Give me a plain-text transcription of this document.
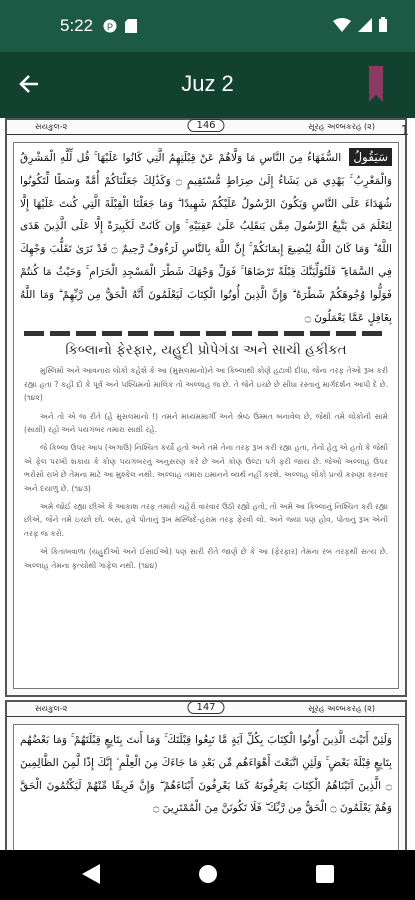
5:22 P
Juz 2
સયકુલ-૨	146	સૂરહ અલ્બકરહ (૨) 1
سَيَقُولُ السُّفَهَاءُ مِنَ النَّاسِ مَا وَلَّاهُمْ عَنْ قِبْلَتِهِمُ الَّتِي كَانُوا عَلَيْهَا ۚ قُل لِّلَّهِ الْمَشْرِقُ وَالْمَغْرِبُ ۚ يَهْدِي مَن يَشَاءُ إِلَىٰ صِرَاطٍ مُّسْتَقِيمٍ ۝ وَكَذَٰلِكَ جَعَلْنَاكُمْ أُمَّةً وَسَطًا لِّتَكُونُوا شُهَدَاءَ عَلَى النَّاسِ وَيَكُونَ الرَّسُولُ عَلَيْكُمْ شَهِيدًا ۗ وَمَا جَعَلْنَا الْقِبْلَةَ الَّتِي كُنتَ عَلَيْهَا إِلَّا لِنَعْلَمَ مَن يَتَّبِعُ الرَّسُولَ مِمَّن يَنقَلِبُ عَلَىٰ عَقِبَيْهِ ۚ وَإِن كَانَتْ لَكَبِيرَةً إِلَّا عَلَى الَّذِينَ هَدَى اللَّهُ ۗ وَمَا كَانَ اللَّهُ لِيُضِيعَ إِيمَانَكُمْ ۚ إِنَّ اللَّهَ بِالنَّاسِ لَرَءُوفٌ رَّحِيمٌ ۝ قَدْ نَرَىٰ تَقَلُّبَ وَجْهِكَ فِي السَّمَاءِ ۖ فَلَنُوَلِّيَنَّكَ قِبْلَةً تَرْضَاهَا ۚ فَوَلِّ وَجْهَكَ شَطْرَ الْمَسْجِدِ الْحَرَامِ ۚ وَحَيْثُ مَا كُنتُمْ فَوَلُّوا وُجُوهَكُمْ شَطْرَهُ ۗ وَإِنَّ الَّذِينَ أُوتُوا الْكِتَابَ لَيَعْلَمُونَ أَنَّهُ الْحَقُّ مِن رَّبِّهِمْ ۗ وَمَا اللَّهُ بِغَافِلٍ عَمَّا يَعْمَلُونَ ۝
કિબ્લાનો ફેરફાર, યહુદી પ્રોપેગંડા અને સાચી હકીકત

મુસ્લિમો અને આવનારા લોકો કહેશે કે આ (મુસલમાનો)ને આ કિબ્લાથી કોણે હટાવી દીધા, જેના તરફ તેઓ રૂખ કરી રહ્યા હતા ? કહી દો કે પૂર્વ અને પશ્ચિમનો માલિક તો અલ્લાહ જ છે. તે જેને ઇચ્છે છે સીધા રસ્તાનું માર્ગદર્શન આપી દે છે. (૧૪૨)

અને તો એ જ રીતે (હે મુસલમાનો !) તમને મધ્યમમાર્ગી અને શ્રેષ્ઠ ઉમ્મત બનાવેલ છે, જેથી તમે લોકોની સામે (સાક્ષી) રહો અને પયગંબર તમારા સાક્ષી રહે.

જે કિબ્લા ઉપર આપ (અગાઉ) નિશ્ચિત કર્યો હતો અને તમે તેના તરફ રૂખ કરી રહ્યા હતા, તેનો હેતુ એ હતો કે જેથી એ ફેલ પરખી શકાય કે કોણ પયગંબરનું અનુસરણ કરે છે અને કોણ ઉલ્ટા પગે ફરી જાય છે. જેઓ અલ્લાહ ઉપર ભરોસો રાખે છે તેમના માટે આ મુશ્કેલ નથી. અલ્લાહ તમારા ઇમાનને વ્યર્થ નહીં કરશે. અલ્લાહ લોકો પ્રત્યે કરુણા કરનાર અને દયાળુ છે. (૧૪૩)

અમે જોઈ રહ્યા છીએ કે આકાશ તરફ તમારો ચહેરો વારંવાર ઉઠી રહ્યો હતો, તો અમે આ કિબ્લાનું નિશ્ચિત કરી રહ્યા છીએ, જેને તમે ઇચ્છો છો. બસ, હવે પોતાનું રૂખ મસ્જિદે-હરામ તરફ ફેરવી લો. અને જ્યાં પણ હોવ, પોતાનું રૂખ એની તરફ જ કરો.

એ કિતાબવાળા (યહુદીઓ અને ઈસાઈઓ) પણ સારી રીતે જાણે છે કે આ (ફેરફાર) તેમના રબ તરફથી સત્ય છે. અલ્લાહ તેમના કૃત્યોથી ગાફેલ નથી. (૧૪૪)

સયકુલ-૨	147	સૂરહ અલ્બકરહ (૨)
وَلَئِنْ أَتَيْتَ الَّذِينَ أُوتُوا الْكِتَابَ بِكُلِّ آيَةٍ مَّا تَبِعُوا قِبْلَتَكَ ۚ وَمَا أَنتَ بِتَابِعٍ قِبْلَتَهُمْ ۚ وَمَا بَعْضُهُم بِتَابِعٍ قِبْلَةَ بَعْضٍ ۚ وَلَئِنِ اتَّبَعْتَ أَهْوَاءَهُم مِّن بَعْدِ مَا جَاءَكَ مِنَ الْعِلْمِ ۙ إِنَّكَ إِذًا لَّمِنَ الظَّالِمِينَ ۝ الَّذِينَ آتَيْنَاهُمُ الْكِتَابَ يَعْرِفُونَهُ كَمَا يَعْرِفُونَ أَبْنَاءَهُمْ ۖ وَإِنَّ فَرِيقًا مِّنْهُمْ لَيَكْتُمُونَ الْحَقَّ وَهُمْ يَعْلَمُونَ ۝ الْحَقُّ مِن رَّبِّكَ ۖ فَلَا تَكُونَنَّ مِنَ الْمُمْتَرِينَ ۝
